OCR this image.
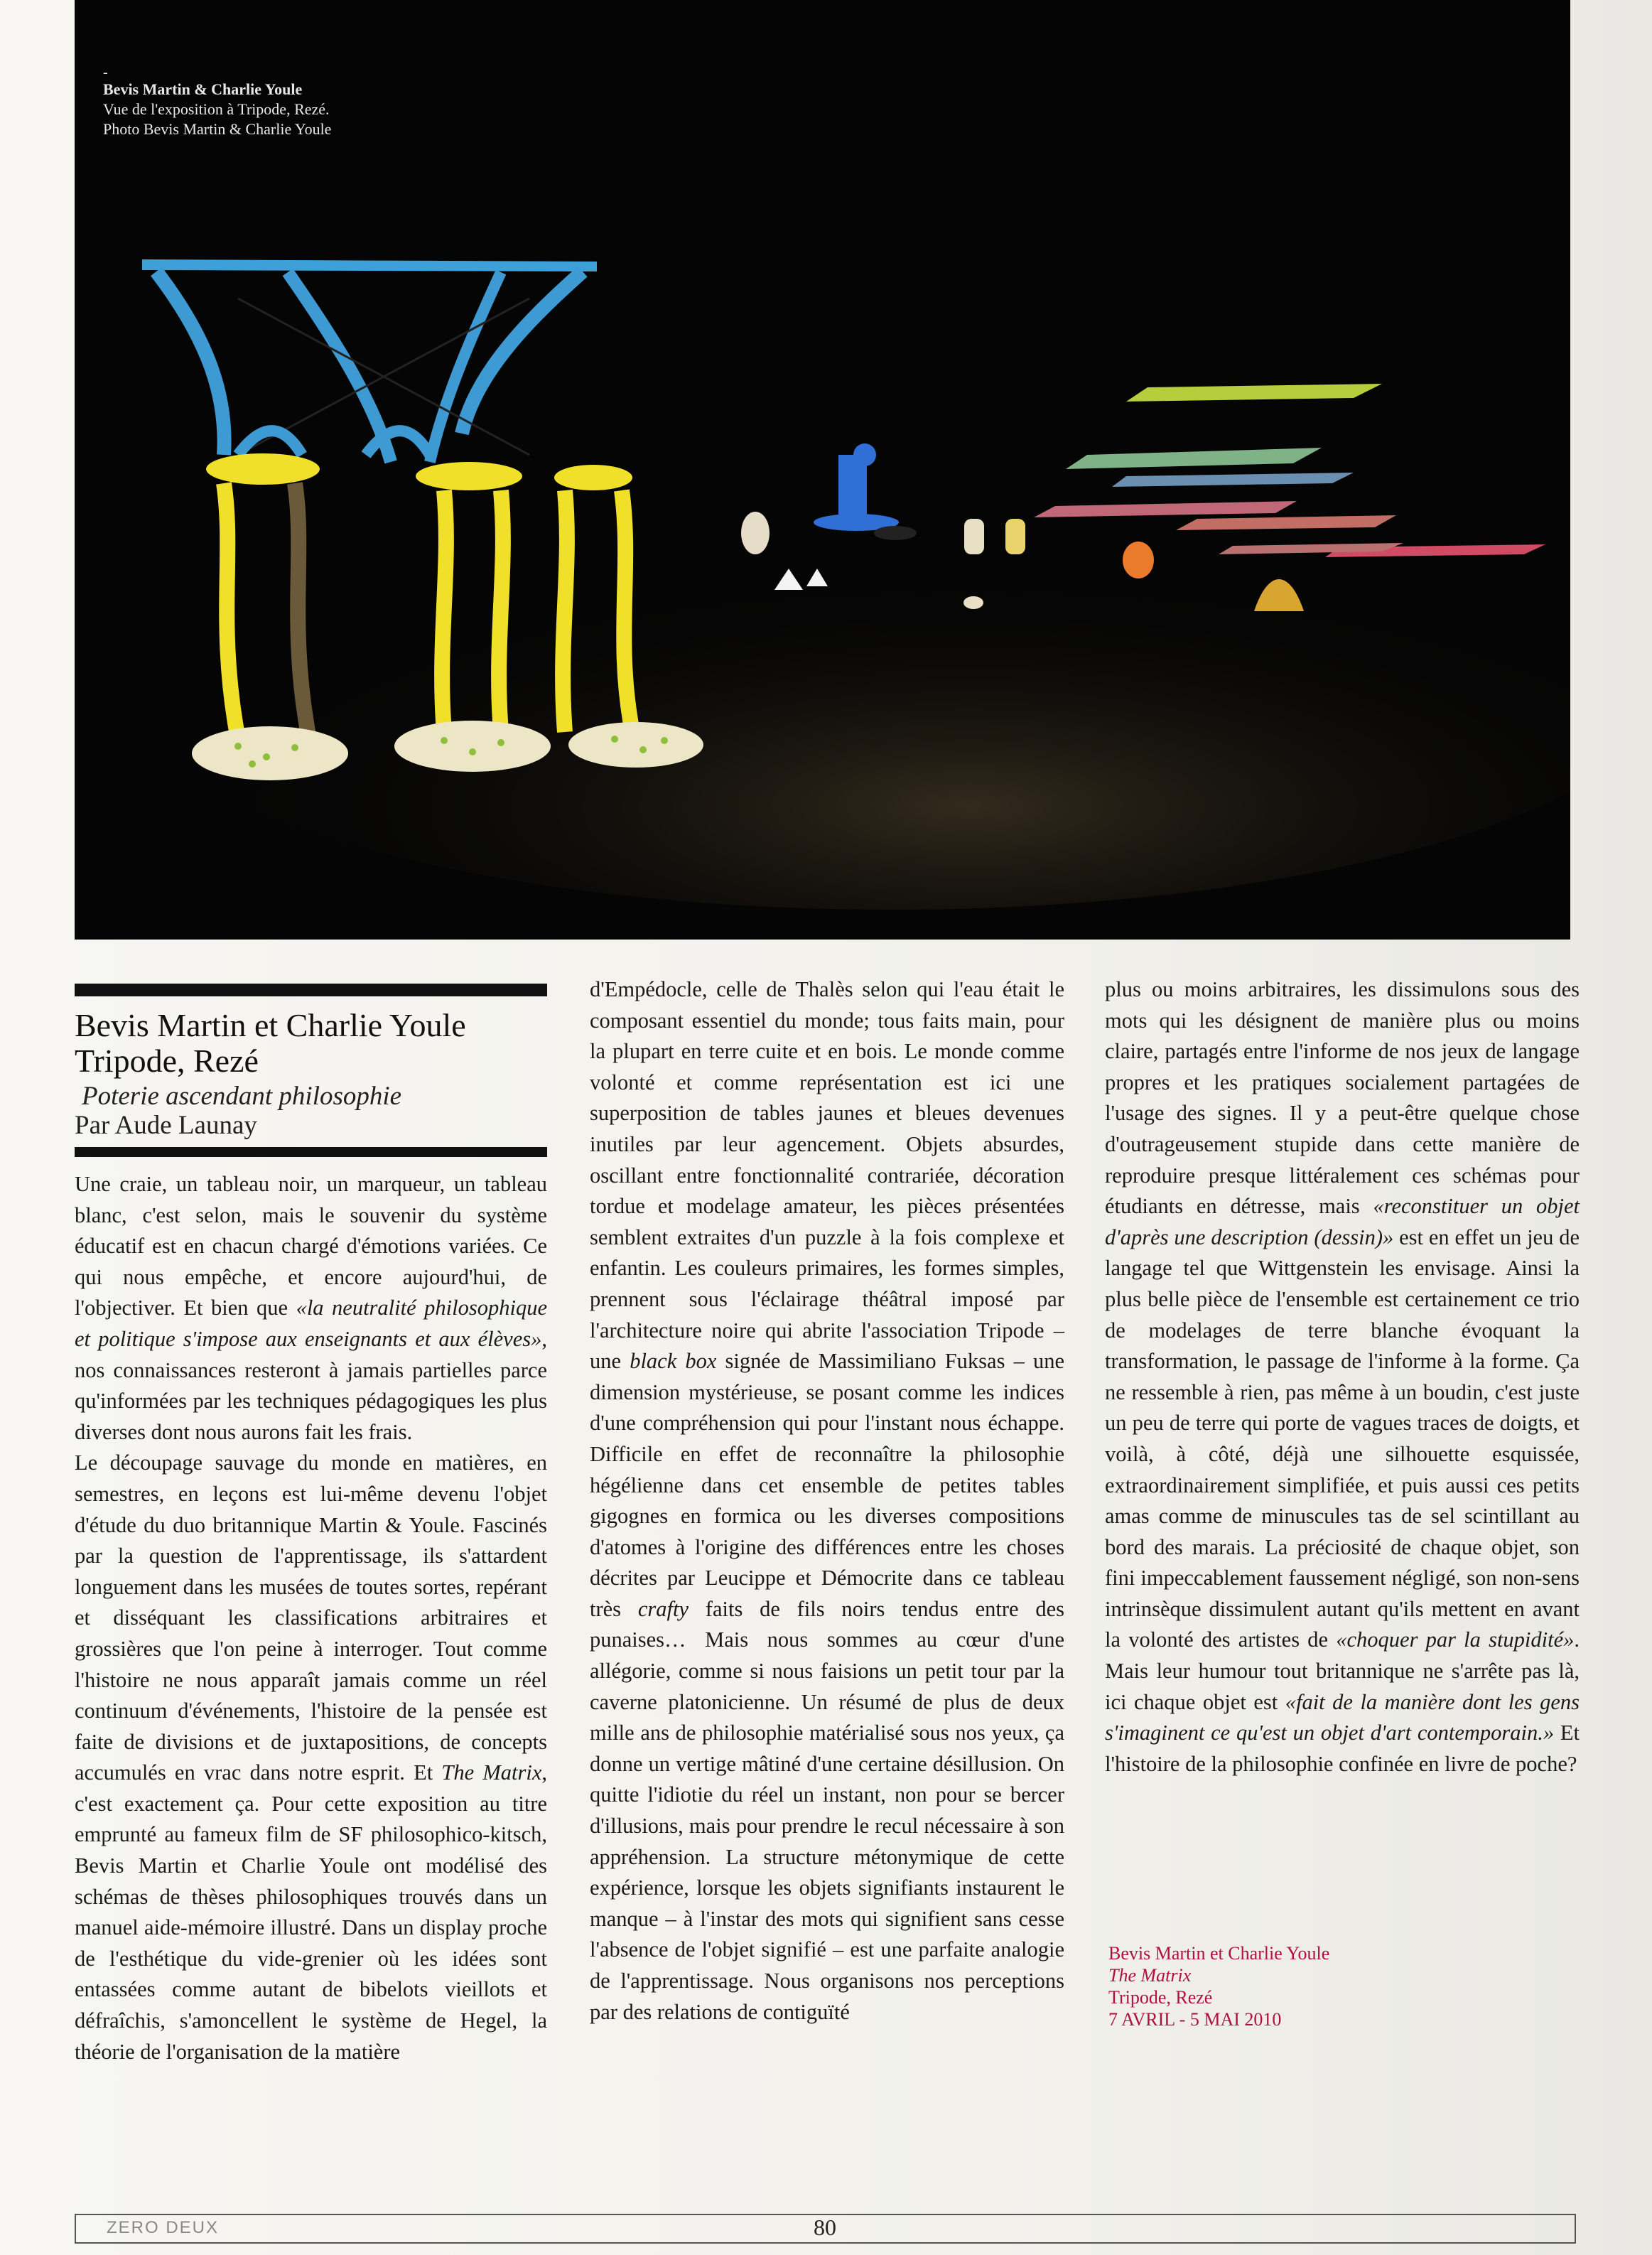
-
Bevis Martin & Charlie Youle
Vue de l'exposition à Tripode, Rezé.
Photo Bevis Martin & Charlie Youle
Bevis Martin et Charlie Youle
Tripode, Rezé
Poterie ascendant philosophie
Par Aude Launay

Une craie, un tableau noir, un marqueur, un tableau blanc, c'est selon, mais le souvenir du système éducatif est en chacun chargé d'émotions variées. Ce qui nous empêche, et encore aujourd'hui, de l'objectiver. Et bien que «la neutralité philosophique et politique s'impose aux enseignants et aux élèves», nos connaissances resteront à jamais partielles parce qu'informées par les techniques pédagogiques les plus diverses dont nous aurons fait les frais.

Le découpage sauvage du monde en matières, en semestres, en leçons est lui-même devenu l'objet d'étude du duo britannique Martin & Youle. Fascinés par la question de l'apprentissage, ils s'attardent longuement dans les musées de toutes sortes, repérant et disséquant les classifications arbitraires et grossières que l'on peine à interroger. Tout comme l'histoire ne nous apparaît jamais comme un réel continuum d'événements, l'histoire de la pensée est faite de divisions et de juxtapositions, de concepts accumulés en vrac dans notre esprit. Et The Matrix, c'est exactement ça. Pour cette exposition au titre emprunté au fameux film de SF philosophico-kitsch, Bevis Martin et Charlie Youle ont modélisé des schémas de thèses philosophiques trouvés dans un manuel aide-mémoire illustré. Dans un display proche de l'esthétique du vide-grenier où les idées sont entassées comme autant de bibelots vieillots et défraîchis, s'amoncellent le système de Hegel, la théorie de l'organisation de la matière

d'Empédocle, celle de Thalès selon qui l'eau était le composant essentiel du monde; tous faits main, pour la plupart en terre cuite et en bois. Le monde comme volonté et comme représentation est ici une superposition de tables jaunes et bleues devenues inutiles par leur agencement. Objets absurdes, oscillant entre fonctionnalité contrariée, décoration tordue et modelage amateur, les pièces présentées semblent extraites d'un puzzle à la fois complexe et enfantin. Les couleurs primaires, les formes simples, prennent sous l'éclairage théâtral imposé par l'architecture noire qui abrite l'association Tripode – une black box signée de Massimiliano Fuksas – une dimension mystérieuse, se posant comme les indices d'une compréhension qui pour l'instant nous échappe. Difficile en effet de reconnaître la philosophie hégélienne dans cet ensemble de petites tables gigognes en formica ou les diverses compositions d'atomes à l'origine des différences entre les choses décrites par Leucippe et Démocrite dans ce tableau très crafty faits de fils noirs tendus entre des punaises… Mais nous sommes au cœur d'une allégorie, comme si nous faisions un petit tour par la caverne platonicienne. Un résumé de plus de deux mille ans de philosophie matérialisé sous nos yeux, ça donne un vertige mâtiné d'une certaine désillusion. On quitte l'idiotie du réel un instant, non pour se bercer d'illusions, mais pour prendre le recul nécessaire à son appréhension. La structure métonymique de cette expérience, lorsque les objets signifiants instaurent le manque – à l'instar des mots qui signifient sans cesse l'absence de l'objet signifié – est une parfaite analogie de l'apprentissage. Nous organisons nos perceptions par des relations de contiguïté

plus ou moins arbitraires, les dissimulons sous des mots qui les désignent de manière plus ou moins claire, partagés entre l'informe de nos jeux de langage propres et les pratiques socialement partagées de l'usage des signes. Il y a peut-être quelque chose d'outrageusement stupide dans cette manière de reproduire presque littéralement ces schémas pour étudiants en détresse, mais «reconstituer un objet d'après une description (dessin)» est en effet un jeu de langage tel que Wittgenstein les envisage. Ainsi la plus belle pièce de l'ensemble est certainement ce trio de modelages de terre blanche évoquant la transformation, le passage de l'informe à la forme. Ça ne ressemble à rien, pas même à un boudin, c'est juste un peu de terre qui porte de vagues traces de doigts, et voilà, à côté, déjà une silhouette esquissée, extraordinairement simplifiée, et puis aussi ces petits amas comme de minuscules tas de sel scintillant au bord des marais. La préciosité de chaque objet, son fini impeccablement faussement négligé, son non-sens intrinsèque dissimulent autant qu'ils mettent en avant la volonté des artistes de «choquer par la stupidité». Mais leur humour tout britannique ne s'arrête pas là, ici chaque objet est «fait de la manière dont les gens s'imaginent ce qu'est un objet d'art contemporain.» Et l'histoire de la philosophie confinée en livre de poche?

Bevis Martin et Charlie Youle
The Matrix
Tripode, Rezé
7 AVRIL - 5 MAI 2010
ZERO DEUX	80
